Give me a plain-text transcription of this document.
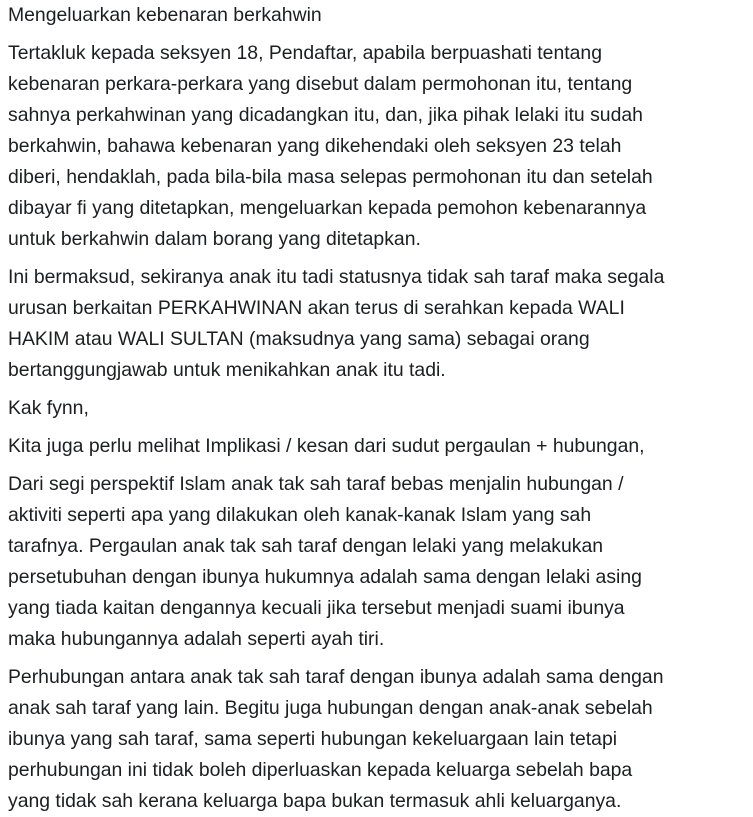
Mengeluarkan kebenaran berkahwin
Tertakluk kepada seksyen 18, Pendaftar, apabila berpuashati tentang
kebenaran perkara-perkara yang disebut dalam permohonan itu, tentang
sahnya perkahwinan yang dicadangkan itu, dan, jika pihak lelaki itu sudah
berkahwin, bahawa kebenaran yang dikehendaki oleh seksyen 23 telah
diberi, hendaklah, pada bila-bila masa selepas permohonan itu dan setelah
dibayar fi yang ditetapkan, mengeluarkan kepada pemohon kebenarannya
untuk berkahwin dalam borang yang ditetapkan.
Ini bermaksud, sekiranya anak itu tadi statusnya tidak sah taraf maka segala
urusan berkaitan PERKAHWINAN akan terus di serahkan kepada WALI
HAKIM atau WALI SULTAN (maksudnya yang sama) sebagai orang
bertanggungjawab untuk menikahkan anak itu tadi.
Kak fynn,
Kita juga perlu melihat Implikasi / kesan dari sudut pergaulan + hubungan,
Dari segi perspektif Islam anak tak sah taraf bebas menjalin hubungan /
aktiviti seperti apa yang dilakukan oleh kanak-kanak Islam yang sah
tarafnya. Pergaulan anak tak sah taraf dengan lelaki yang melakukan
persetubuhan dengan ibunya hukumnya adalah sama dengan lelaki asing
yang tiada kaitan dengannya kecuali jika tersebut menjadi suami ibunya
maka hubungannya adalah seperti ayah tiri.
Perhubungan antara anak tak sah taraf dengan ibunya adalah sama dengan
anak sah taraf yang lain. Begitu juga hubungan dengan anak-anak sebelah
ibunya yang sah taraf, sama seperti hubungan kekeluargaan lain tetapi
perhubungan ini tidak boleh diperluaskan kepada keluarga sebelah bapa
yang tidak sah kerana keluarga bapa bukan termasuk ahli keluarganya.
